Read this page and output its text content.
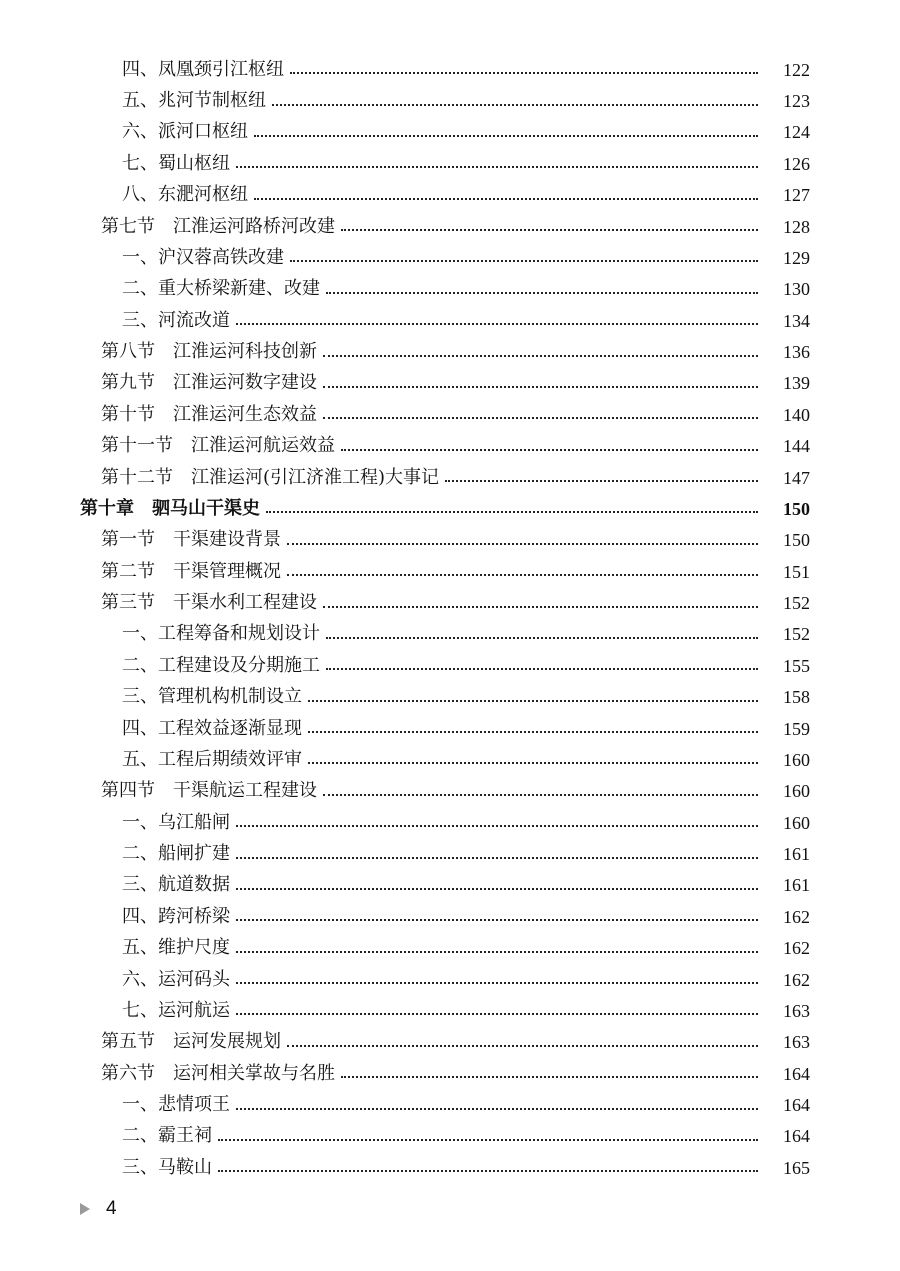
四、凤凰颈引江枢纽	122
五、兆河节制枢纽	123
六、派河口枢纽	124
七、蜀山枢纽	126
八、东淝河枢纽	127
第七节　江淮运河路桥河改建	128
一、沪汉蓉高铁改建	129
二、重大桥梁新建、改建	130
三、河流改道	134
第八节　江淮运河科技创新	136
第九节　江淮运河数字建设	139
第十节　江淮运河生态效益	140
第十一节　江淮运河航运效益	144
第十二节　江淮运河(引江济淮工程)大事记	147
第十章　驷马山干渠史	150
第一节　干渠建设背景	150
第二节　干渠管理概况	151
第三节　干渠水利工程建设	152
一、工程筹备和规划设计	152
二、工程建设及分期施工	155
三、管理机构机制设立	158
四、工程效益逐渐显现	159
五、工程后期绩效评审	160
第四节　干渠航运工程建设	160
一、乌江船闸	160
二、船闸扩建	161
三、航道数据	161
四、跨河桥梁	162
五、维护尺度	162
六、运河码头	162
七、运河航运	163
第五节　运河发展规划	163
第六节　运河相关掌故与名胜	164
一、悲情项王	164
二、霸王祠	164
三、马鞍山	165
4
